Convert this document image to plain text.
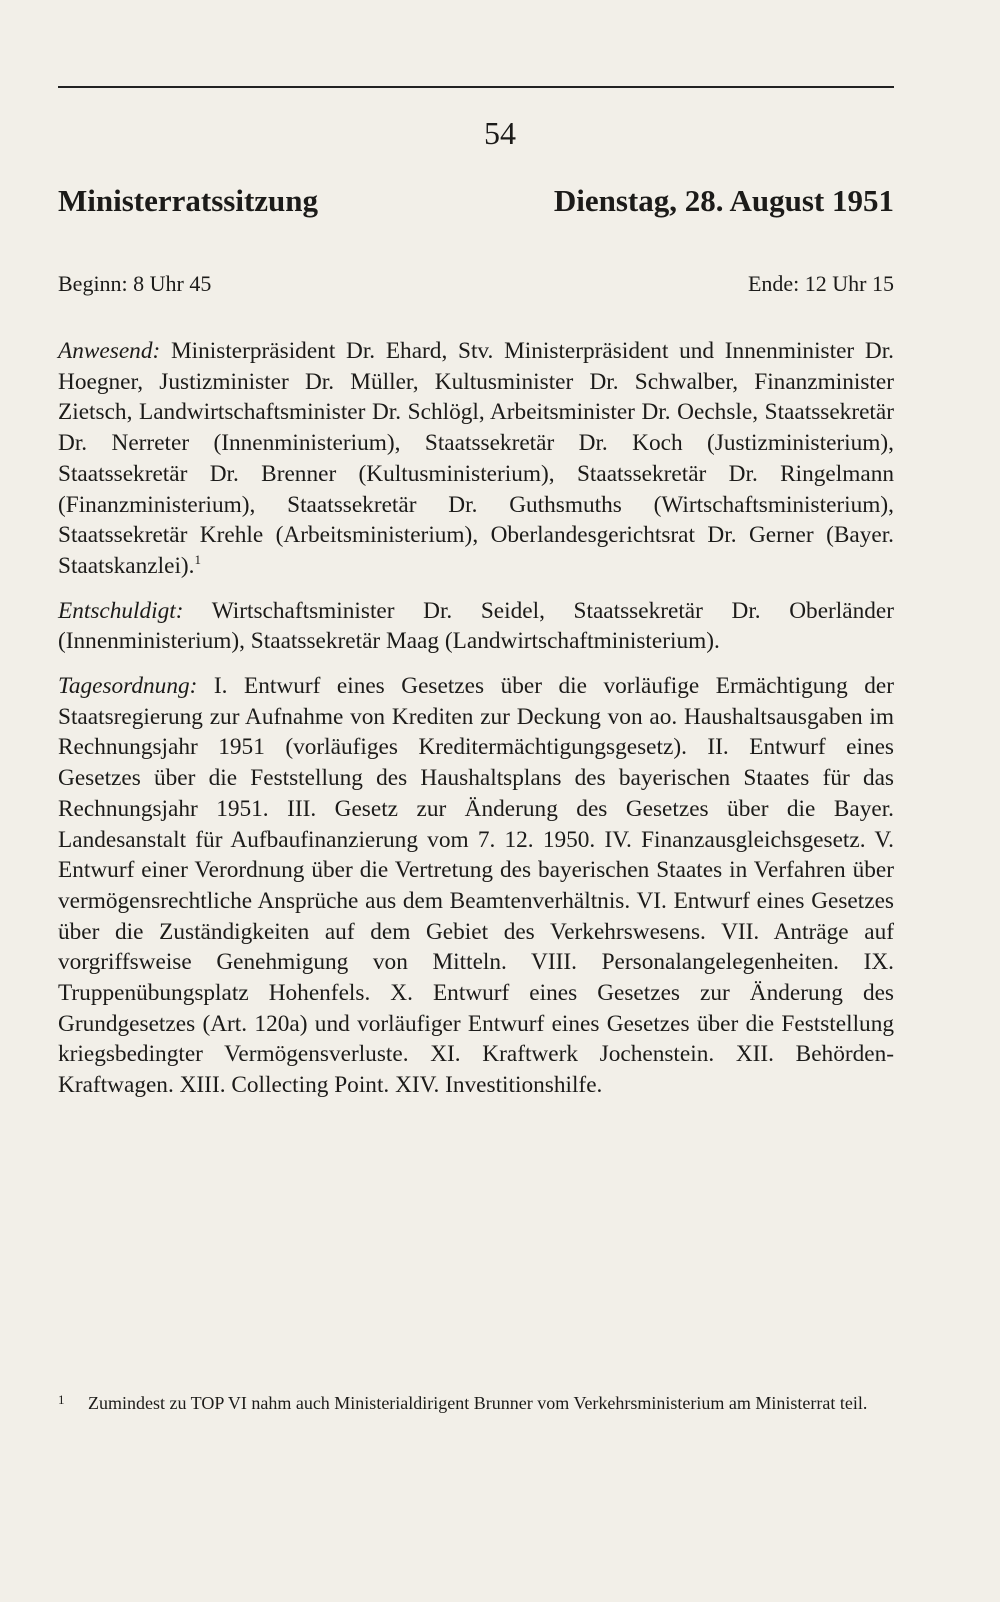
54
Ministerratssitzung	Dienstag, 28. August 1951
Beginn: 8 Uhr 45	Ende: 12 Uhr 15

Anwesend: Ministerpräsident Dr. Ehard, Stv. Ministerpräsident und Innenminister Dr. Hoegner, Justizminister Dr. Müller, Kultusminister Dr. Schwalber, Finanzminister Zietsch, Landwirtschaftsminister Dr. Schlögl, Arbeitsminister Dr. Oechsle, Staatssekretär Dr. Nerreter (Innenministerium), Staatssekretär Dr. Koch (Justizministerium), Staatssekretär Dr. Brenner (Kultusministerium), Staatssekretär Dr. Ringelmann (Finanzministerium), Staatssekretär Dr. Guthsmuths (Wirtschaftsministerium), Staatssekretär Krehle (Arbeitsministerium), Oberlandesgerichtsrat Dr. Gerner (Bayer. Staatskanzlei).$^1$

Entschuldigt: Wirtschaftsminister Dr. Seidel, Staatssekretär Dr. Oberländer (Innenministerium), Staatssekretär Maag (Landwirtschaftministerium).

Tagesordnung: I. Entwurf eines Gesetzes über die vorläufige Ermächtigung der Staatsregierung zur Aufnahme von Krediten zur Deckung von ao. Haushaltsausgaben im Rechnungsjahr 1951 (vorläufiges Kreditermächtigungsgesetz). II. Entwurf eines Gesetzes über die Feststellung des Haushaltsplans des bayerischen Staates für das Rechnungsjahr 1951. III. Gesetz zur Änderung des Gesetzes über die Bayer. Landesanstalt für Aufbaufinanzierung vom 7. 12. 1950. IV. Finanzausgleichsgesetz. V. Entwurf einer Verordnung über die Vertretung des bayerischen Staates in Verfahren über vermögensrechtliche Ansprüche aus dem Beamtenverhältnis. VI. Entwurf eines Gesetzes über die Zuständigkeiten auf dem Gebiet des Verkehrswesens. VII. Anträge auf vorgriffsweise Genehmigung von Mitteln. VIII. Personalangelegenheiten. IX. Truppenübungsplatz Hohenfels. X. Entwurf eines Gesetzes zur Änderung des Grundgesetzes (Art. 120a) und vorläufiger Entwurf eines Gesetzes über die Feststellung kriegsbedingter Vermögensverluste. XI. Kraftwerk Jochenstein. XII. Behörden-Kraftwagen. XIII. Collecting Point. XIV. Investitionshilfe.

1	Zumindest zu TOP VI nahm auch Ministerialdirigent Brunner vom Verkehrsministerium am Ministerrat teil.
